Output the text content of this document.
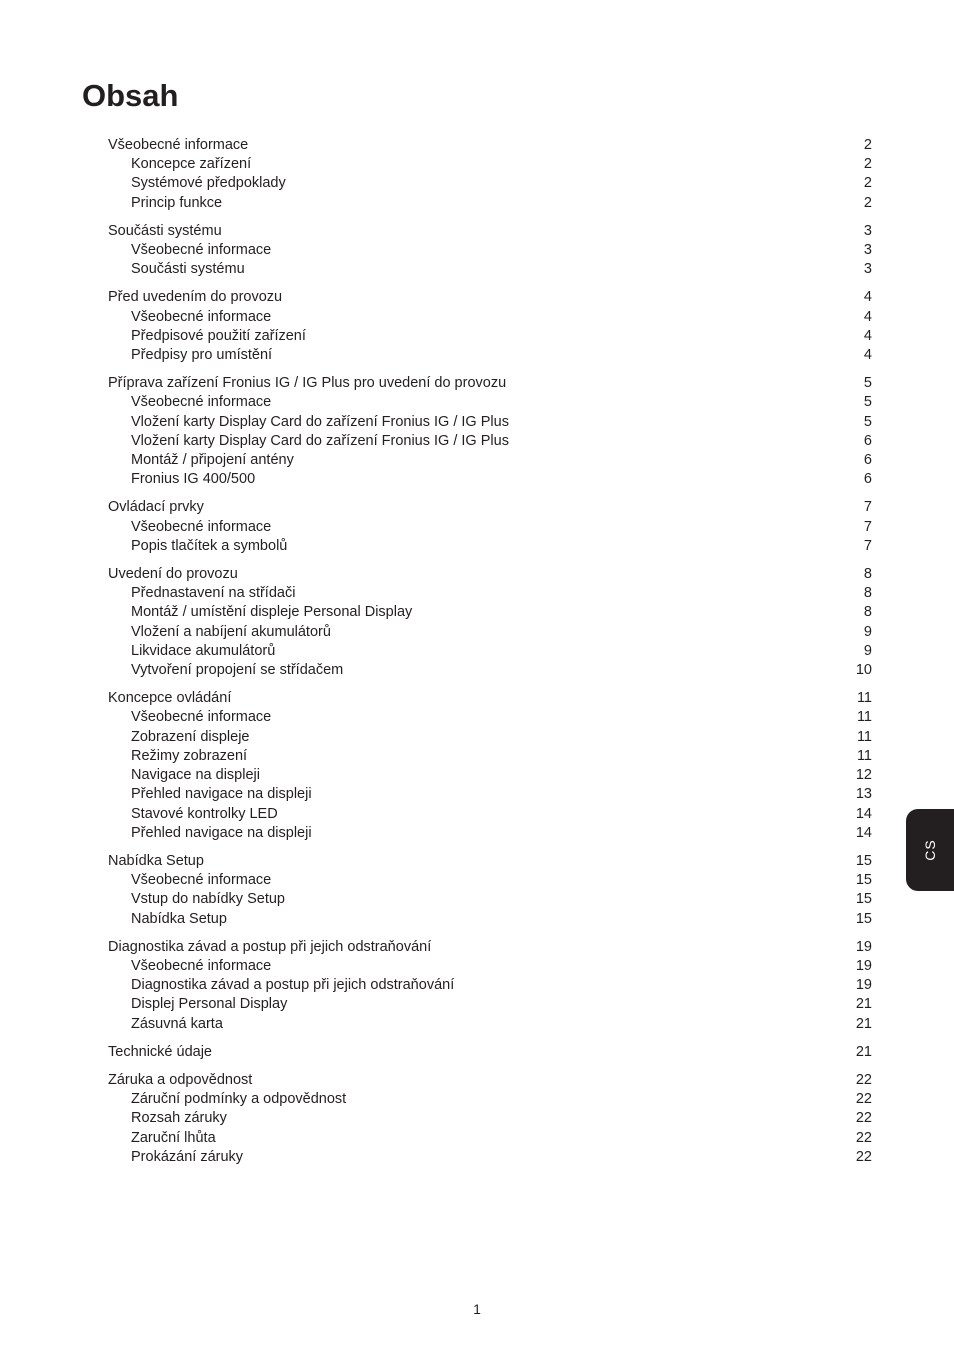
Obsah
Všeobecné informace	2
Koncepce zařízení	2
Systémové předpoklady	2
Princip funkce	2
Součásti systému	3
Všeobecné informace	3
Součásti systému	3
Před uvedením do provozu	4
Všeobecné informace	4
Předpisové použití zařízení	4
Předpisy pro umístění	4
Příprava zařízení Fronius IG / IG Plus pro uvedení do provozu	5
Všeobecné informace	5
Vložení karty Display Card do zařízení Fronius IG / IG Plus	5
Vložení karty Display Card do zařízení Fronius IG / IG Plus	6
Montáž / připojení antény	6
Fronius IG 400/500	6
Ovládací prvky	7
Všeobecné informace	7
Popis tlačítek a symbolů	7
Uvedení do provozu	8
Přednastavení na střídači	8
Montáž / umístění displeje Personal Display	8
Vložení a nabíjení akumulátorů	9
Likvidace akumulátorů	9
Vytvoření propojení se střídačem	10
Koncepce ovládání	11
Všeobecné informace	11
Zobrazení displeje	11
Režimy zobrazení	11
Navigace na displeji	12
Přehled navigace na displeji	13
Stavové kontrolky LED	14
Přehled navigace na displeji	14
Nabídka Setup	15
Všeobecné informace	15
Vstup do nabídky Setup	15
Nabídka Setup	15
Diagnostika závad a postup při jejich odstraňování	19
Všeobecné informace	19
Diagnostika závad a postup při jejich odstraňování	19
Displej Personal Display	21
Zásuvná karta	21
Technické údaje	21
Záruka a odpovědnost	22
Záruční podmínky a odpovědnost	22
Rozsah záruky	22
Zaruční lhůta	22
Prokázání záruky	22
CS
1
